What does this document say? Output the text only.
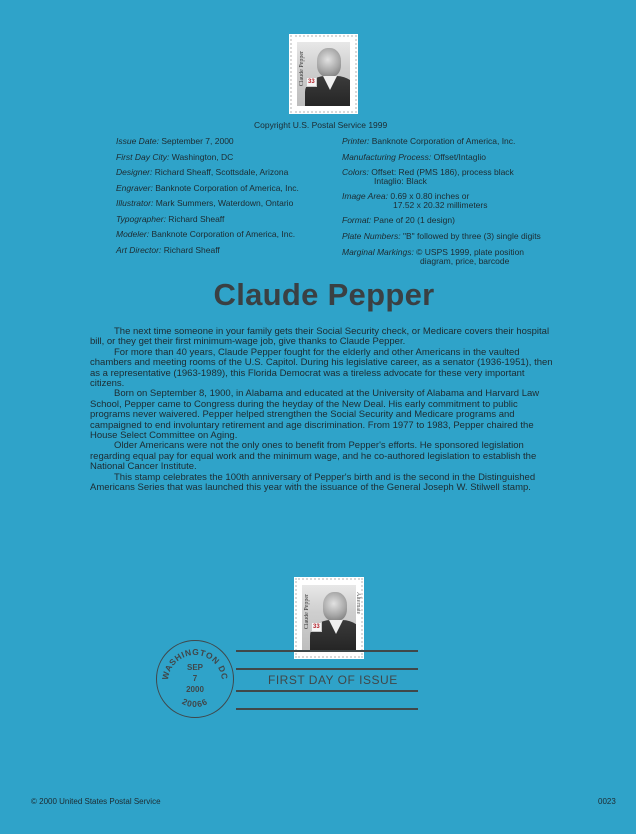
Claude Pepper 33
Copyright U.S. Postal Service 1999
Issue Date: September 7, 2000
First Day City: Washington, DC
Designer: Richard Sheaff, Scottsdale, Arizona
Engraver: Banknote Corporation of America, Inc.
Illustrator: Mark Summers, Waterdown, Ontario
Typographer: Richard Sheaff
Modeler: Banknote Corporation of America, Inc.
Art Director: Richard Sheaff
Printer: Banknote Corporation of America, Inc.
Manufacturing Process: Offset/Intaglio
Colors: Offset: Red (PMS 186), process black
Intaglio: Black
Image Area: 0.69 x 0.80 inches or
17.52 x 20.32 millimeters
Format: Pane of 20 (1 design)
Plate Numbers: "B" followed by three (3) single digits
Marginal Markings: © USPS 1999, plate position
diagram, price, barcode
Claude Pepper

The next time someone in your family gets their Social Security check, or Medicare covers their hospital bill, or they get their first minimum-wage job, give thanks to Claude Pepper.

For more than 40 years, Claude Pepper fought for the elderly and other Americans in the vaulted chambers and meeting rooms of the U.S. Capitol. During his legislative career, as a senator (1936-1951), then as a representative (1963-1989), this Florida Democrat was a tireless advocate for these very important citizens.

Born on September 8, 1900, in Alabama and educated at the University of Alabama and Harvard Law School, Pepper came to Congress during the heyday of the New Deal. His early commitment to public programs never waivered. Pepper helped strengthen the Social Security and Medicare programs and campaigned to end involuntary retirement and age discrimination. From 1977 to 1983, Pepper chaired the House Select Committee on Aging.

Older Americans were not the only ones to benefit from Pepper's efforts. He sponsored legislation regarding equal pay for equal work and the minimum wage, and he co-authored legislation to establish the National Cancer Institute.

This stamp celebrates the 100th anniversary of Pepper's birth and is the second in the Distinguished Americans Series that was launched this year with the issuance of the General Joseph W. Stilwell stamp.

Claude Pepper	Alternate
33
FIRST DAY OF ISSUE
WASHINGTON DC
20066
SEP
7
2000
© 2000 United States Postal Service	0023
